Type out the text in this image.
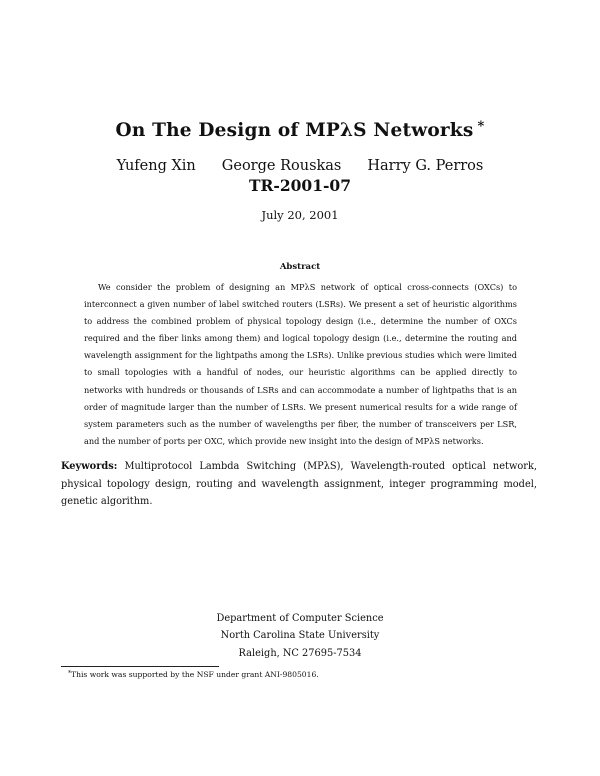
On The Design of MPλS Networks *
Yufeng Xin George Rouskas Harry G. Perros
TR-2001-07
July 20, 2001
Abstract

We consider the problem of designing an MPλS network of optical cross-connects (OXCs) to interconnect a given number of label switched routers (LSRs). We present a set of heuristic algorithms to address the combined problem of physical topology design (i.e., determine the number of OXCs required and the fiber links among them) and logical topology design (i.e., determine the routing and wavelength assignment for the lightpaths among the LSRs). Unlike previous studies which were limited to small topologies with a handful of nodes, our heuristic algorithms can be applied directly to networks with hundreds or thousands of LSRs and can accommodate a number of lightpaths that is an order of magnitude larger than the number of LSRs. We present numerical results for a wide range of system parameters such as the number of wavelengths per fiber, the number of transceivers per LSR, and the number of ports per OXC, which provide new insight into the design of MPλS networks.

Keywords: Multiprotocol Lambda Switching (MPλS), Wavelength-routed optical network, physical topology design, routing and wavelength assignment, integer programming model, genetic algorithm.

Department of Computer Science
North Carolina State University
Raleigh, NC 27695-7534
*This work was supported by the NSF under grant ANI-9805016.
